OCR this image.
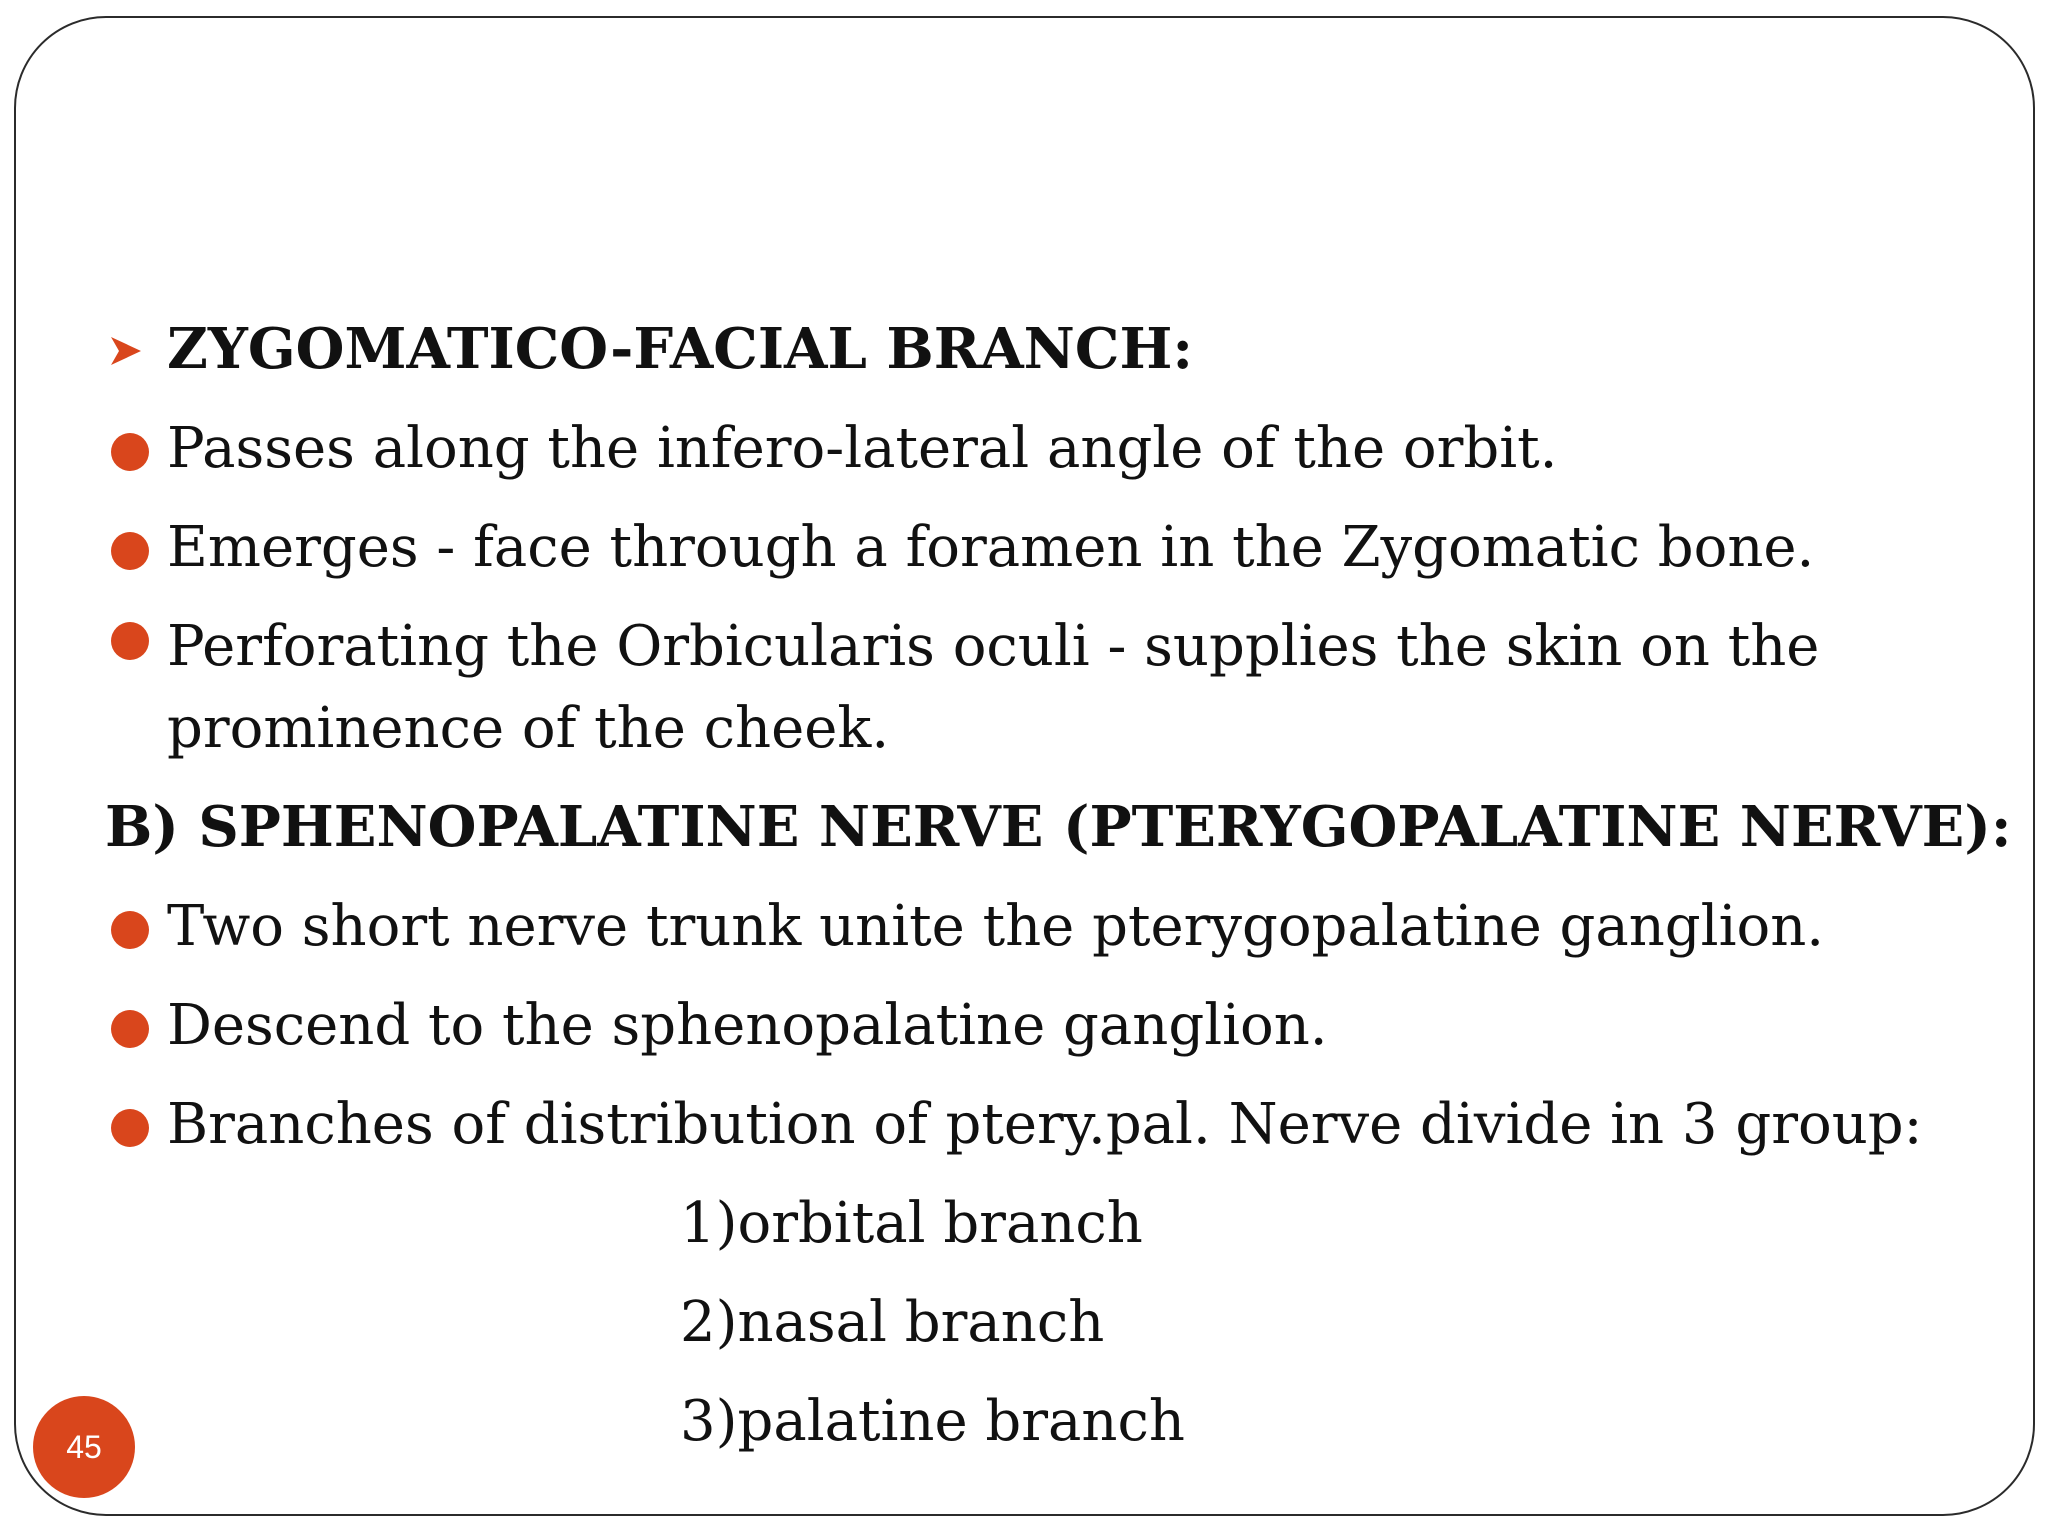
ZYGOMATICO-FACIAL BRANCH:
Passes along the infero-lateral angle of the orbit.
Emerges - face through a foramen in the Zygomatic bone.
Perforating the Orbicularis oculi - supplies the skin on the prominence of the cheek.
B) SPHENOPALATINE NERVE (PTERYGOPALATINE NERVE):
Two short nerve trunk unite the pterygopalatine ganglion.
Descend to the sphenopalatine ganglion.
Branches of distribution of ptery.pal. Nerve divide in 3 group:
1)orbital branch
2)nasal branch
3)palatine branch
45
